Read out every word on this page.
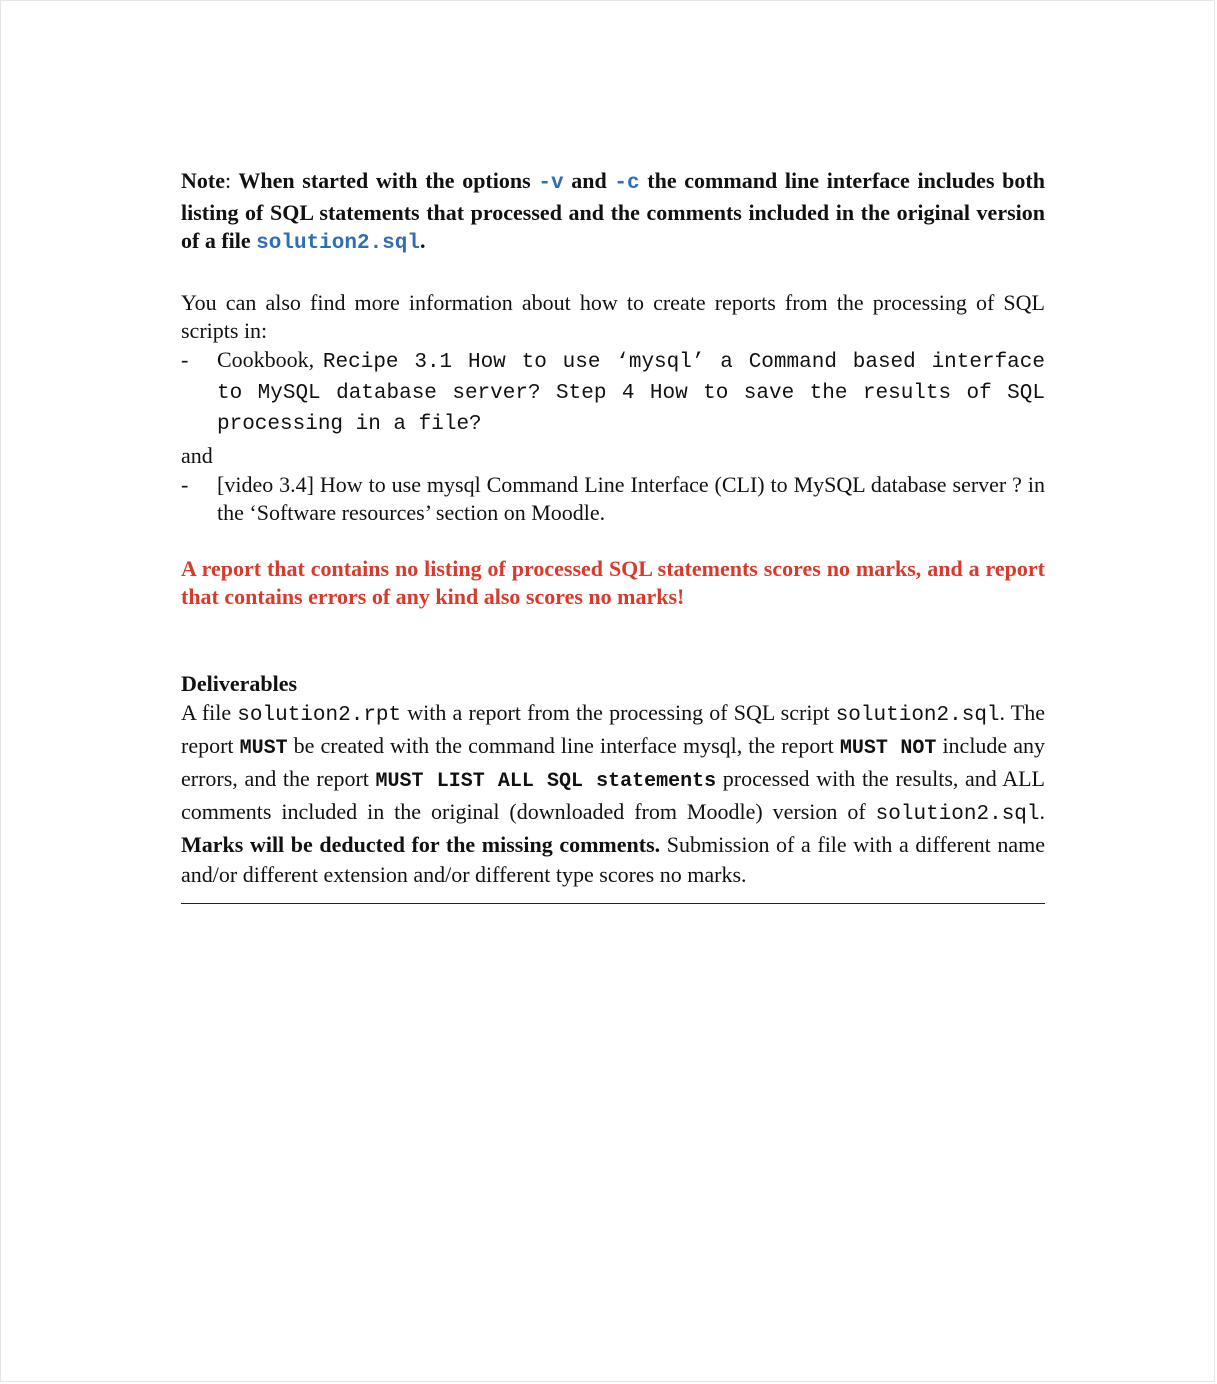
Note: When started with the options -v and -c the command line interface includes both listing of SQL statements that processed and the comments included in the original version of a file solution2.sql.

You can also find more information about how to create reports from the processing of SQL scripts in:

-	Cookbook, Recipe 3.1 How to use ‘mysql’ a Command based interface to MySQL database server? Step 4 How to save the results of SQL processing in a file?
and
-	[video 3.4] How to use mysql Command Line Interface (CLI) to MySQL database server ? in the ‘Software resources’ section on Moodle.

A report that contains no listing of processed SQL statements scores no marks, and a report that contains errors of any kind also scores no marks!

Deliverables

A file solution2.rpt with a report from the processing of SQL script solution2.sql. The report MUST be created with the command line interface mysql, the report MUST NOT include any errors, and the report MUST LIST ALL SQL statements processed with the results, and ALL comments included in the original (downloaded from Moodle) version of solution2.sql. Marks will be deducted for the missing comments. Submission of a file with a different name and/or different extension and/or different type scores no marks.
